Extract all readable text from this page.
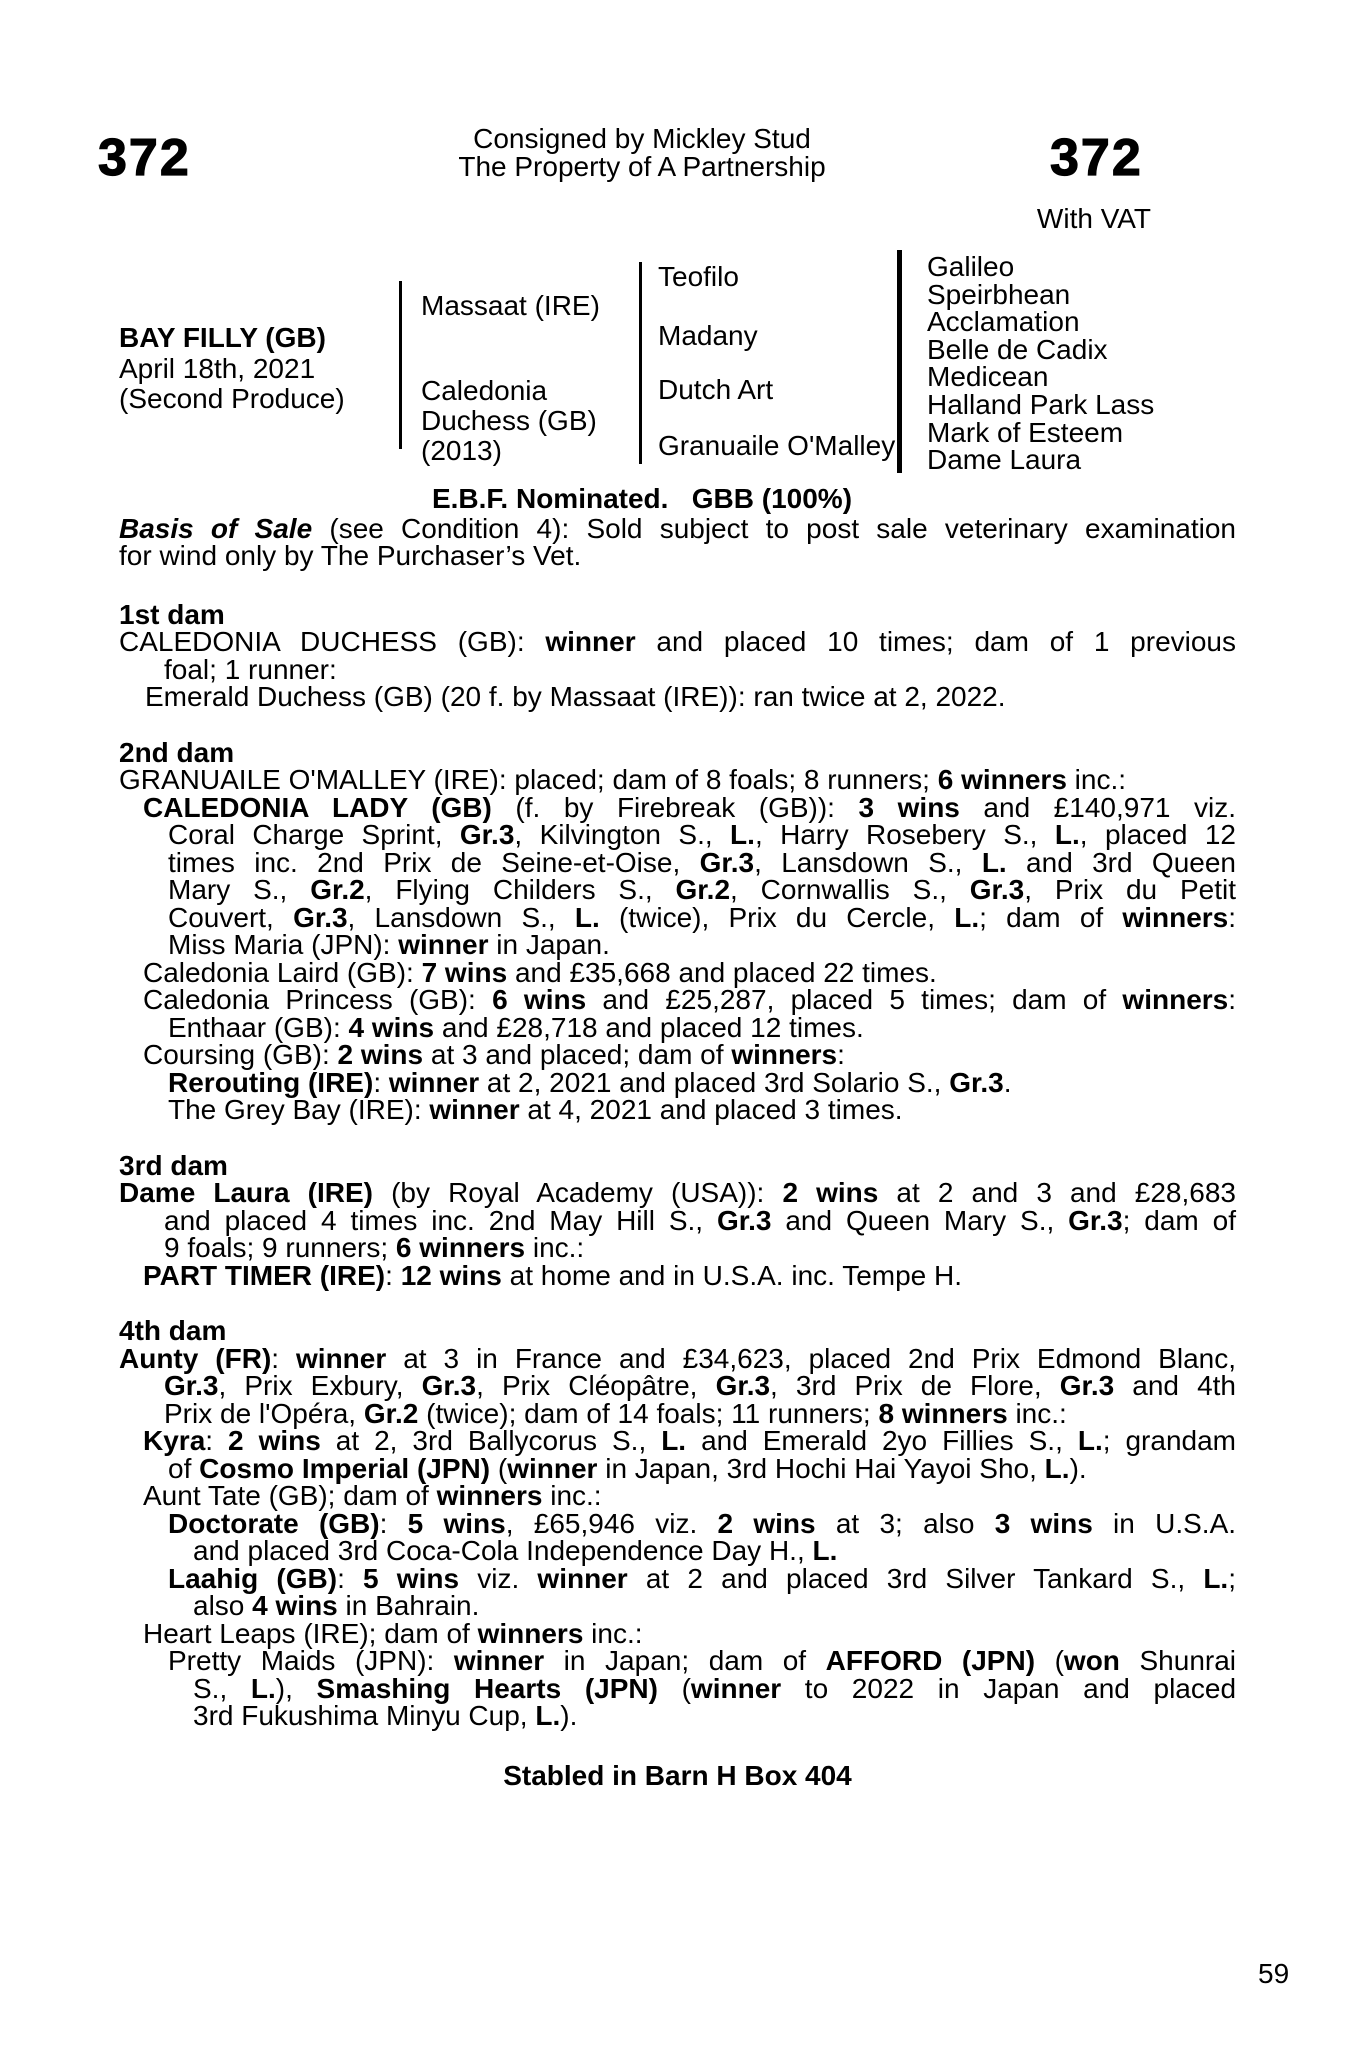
372	372
Consigned by Mickley Stud
The Property of A Partnership
With VAT
BAY FILLY (GB)
April 18th, 2021
(Second Produce)
Massaat (IRE)
Caledonia
Duchess (GB)
(2013)
Teofilo
Madany
Dutch Art
Granuaile O'Malley
Galileo
Speirbhean
Acclamation
Belle de Cadix
Medicean
Halland Park Lass
Mark of Esteem
Dame Laura
E.B.F. Nominated.   GBB (100%)
Basis of Sale (see Condition 4): Sold subject to post sale veterinary examination
for wind only by The Purchaser’s Vet.
1st dam
CALEDONIA DUCHESS (GB): winner and placed 10 times; dam of 1 previous
foal; 1 runner:
Emerald Duchess (GB) (20 f. by Massaat (IRE)): ran twice at 2, 2022.
2nd dam
GRANUAILE O'MALLEY (IRE): placed; dam of 8 foals; 8 runners; 6 winners inc.:
CALEDONIA LADY (GB) (f. by Firebreak (GB)): 3 wins and £140,971 viz.
Coral Charge Sprint, Gr.3, Kilvington S., L., Harry Rosebery S., L., placed 12
times inc. 2nd Prix de Seine-et-Oise, Gr.3, Lansdown S., L. and 3rd Queen
Mary S., Gr.2, Flying Childers S., Gr.2, Cornwallis S., Gr.3, Prix du Petit
Couvert, Gr.3, Lansdown S., L. (twice), Prix du Cercle, L.; dam of winners:
Miss Maria (JPN): winner in Japan.
Caledonia Laird (GB): 7 wins and £35,668 and placed 22 times.
Caledonia Princess (GB): 6 wins and £25,287, placed 5 times; dam of winners:
Enthaar (GB): 4 wins and £28,718 and placed 12 times.
Coursing (GB): 2 wins at 3 and placed; dam of winners:
Rerouting (IRE): winner at 2, 2021 and placed 3rd Solario S., Gr.3.
The Grey Bay (IRE): winner at 4, 2021 and placed 3 times.
3rd dam
Dame Laura (IRE) (by Royal Academy (USA)): 2 wins at 2 and 3 and £28,683
and placed 4 times inc. 2nd May Hill S., Gr.3 and Queen Mary S., Gr.3; dam of
9 foals; 9 runners; 6 winners inc.:
PART TIMER (IRE): 12 wins at home and in U.S.A. inc. Tempe H.
4th dam
Aunty (FR): winner at 3 in France and £34,623, placed 2nd Prix Edmond Blanc,
Gr.3, Prix Exbury, Gr.3, Prix Cléopâtre, Gr.3, 3rd Prix de Flore, Gr.3 and 4th
Prix de l'Opéra, Gr.2 (twice); dam of 14 foals; 11 runners; 8 winners inc.:
Kyra: 2 wins at 2, 3rd Ballycorus S., L. and Emerald 2yo Fillies S., L.; grandam
of Cosmo Imperial (JPN) (winner in Japan, 3rd Hochi Hai Yayoi Sho, L.).
Aunt Tate (GB); dam of winners inc.:
Doctorate (GB): 5 wins, £65,946 viz. 2 wins at 3; also 3 wins in U.S.A.
and placed 3rd Coca-Cola Independence Day H., L.
Laahig (GB): 5 wins viz. winner at 2 and placed 3rd Silver Tankard S., L.;
also 4 wins in Bahrain.
Heart Leaps (IRE); dam of winners inc.:
Pretty Maids (JPN): winner in Japan; dam of AFFORD (JPN) (won Shunrai
S., L.), Smashing Hearts (JPN) (winner to 2022 in Japan and placed
3rd Fukushima Minyu Cup, L.).
Stabled in Barn H Box 404
59
